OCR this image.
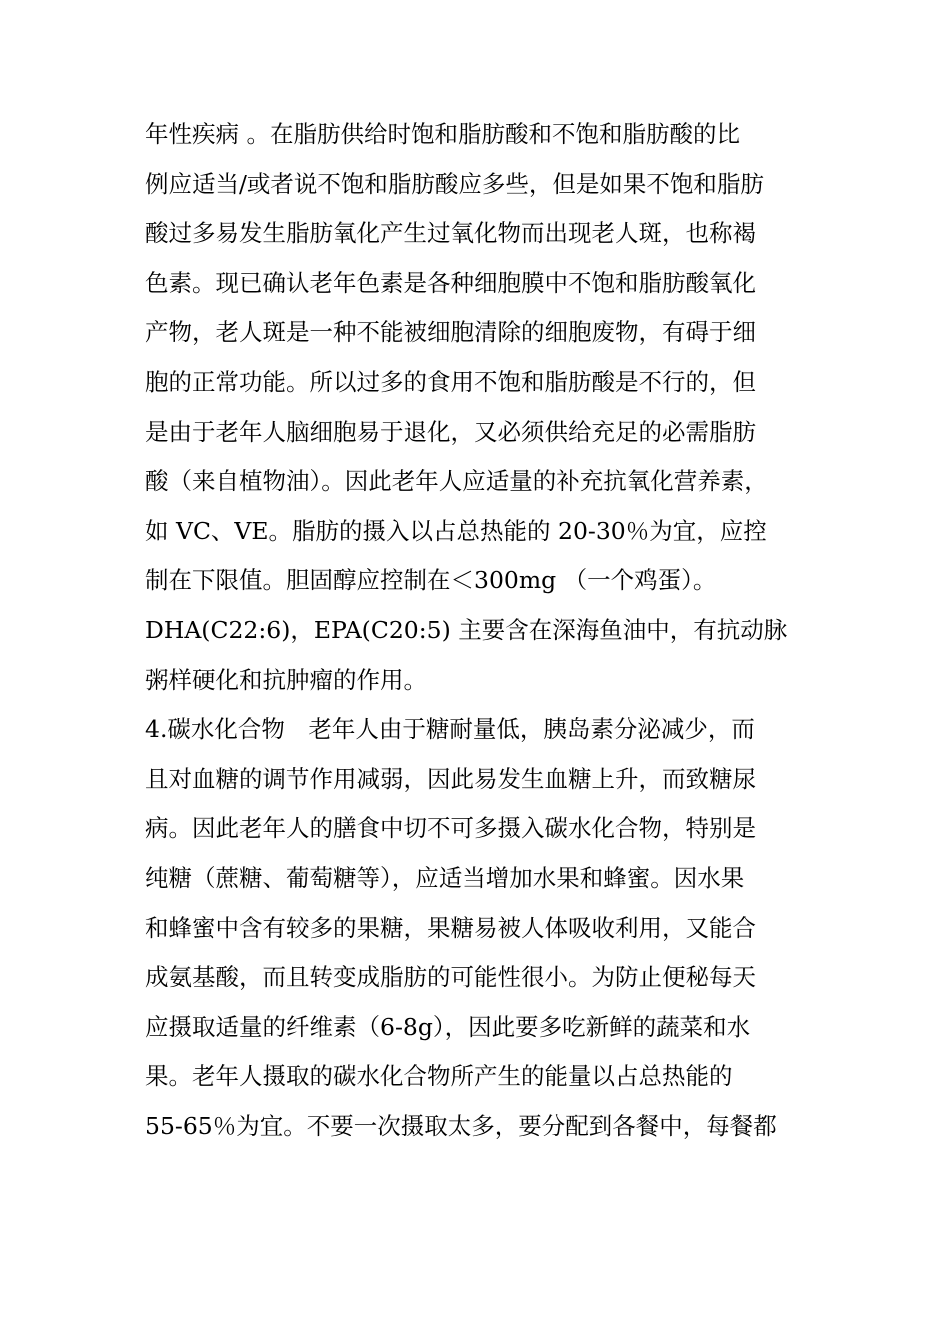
年性疾病 。在脂肪供给时饱和脂肪酸和不饱和脂肪酸的比
例应适当/或者说不饱和脂肪酸应多些，但是如果不饱和脂肪
酸过多易发生脂肪氧化产生过氧化物而出现老人斑，也称褐
色素。现已确认老年色素是各种细胞膜中不饱和脂肪酸氧化
产物，老人斑是一种不能被细胞清除的细胞废物，有碍于细
胞的正常功能。所以过多的食用不饱和脂肪酸是不行的，但
是由于老年人脑细胞易于退化，又必须供给充足的必需脂肪
酸（来自植物油）。因此老年人应适量的补充抗氧化营养素，
如 VC、VE。脂肪的摄入以占总热能的 20-30％为宜，应控
制在下限值。胆固醇应控制在＜300mg （一个鸡蛋）。
DHA(C22:6)，EPA(C20:5) 主要含在深海鱼油中，有抗动脉
粥样硬化和抗肿瘤的作用。
4.碳水化合物　老年人由于糖耐量低，胰岛素分泌减少，而
且对血糖的调节作用减弱，因此易发生血糖上升，而致糖尿
病。因此老年人的膳食中切不可多摄入碳水化合物，特别是
纯糖（蔗糖、葡萄糖等），应适当增加水果和蜂蜜。因水果
和蜂蜜中含有较多的果糖，果糖易被人体吸收利用，又能合
成氨基酸，而且转变成脂肪的可能性很小。为防止便秘每天
应摄取适量的纤维素（6-8g），因此要多吃新鲜的蔬菜和水
果。老年人摄取的碳水化合物所产生的能量以占总热能的
55-65％为宜。不要一次摄取太多，要分配到各餐中，每餐都
